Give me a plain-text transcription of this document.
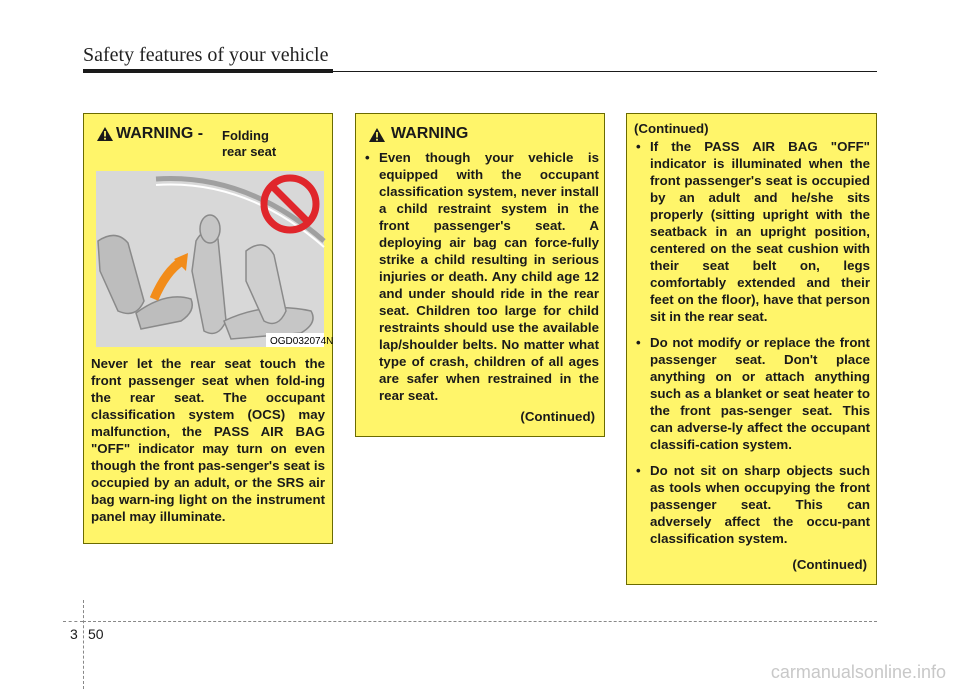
Safety features of your vehicle
WARNING - Folding
rear seat
OGD032074N
Never let the rear seat touch the front passenger seat when fold-ing the rear seat. The occupant classification system (OCS) may malfunction, the PASS AIR BAG "OFF" indicator may turn on even though the front pas-senger's seat is occupied by an adult, or the SRS air bag warn-ing light on the instrument panel may illuminate.
WARNING
• Even though your vehicle is equipped with the occupant classification system, never install a child restraint system in the front passenger's seat. A deploying air bag can force-fully strike a child resulting in serious injuries or death. Any child age 12 and under should ride in the rear seat. Children too large for child restraints should use the available lap/shoulder belts. No matter what type of crash, children of all ages are safer when restrained in the rear seat.
(Continued)
(Continued)
• If the PASS AIR BAG "OFF" indicator is illuminated when the front passenger's seat is occupied by an adult and he/she sits properly (sitting upright with the seatback in an upright position, centered on the seat cushion with their seat belt on, legs comfortably extended and their feet on the floor), have that person sit in the rear seat.
• Do not modify or replace the front passenger seat. Don't place anything on or attach anything such as a blanket or seat heater to the front pas-senger seat. This can adverse-ly affect the occupant classifi-cation system.
• Do not sit on sharp objects such as tools when occupying the front passenger seat. This can adversely affect the occu-pant classification system.
(Continued)
3 50
carmanualsonline.info
